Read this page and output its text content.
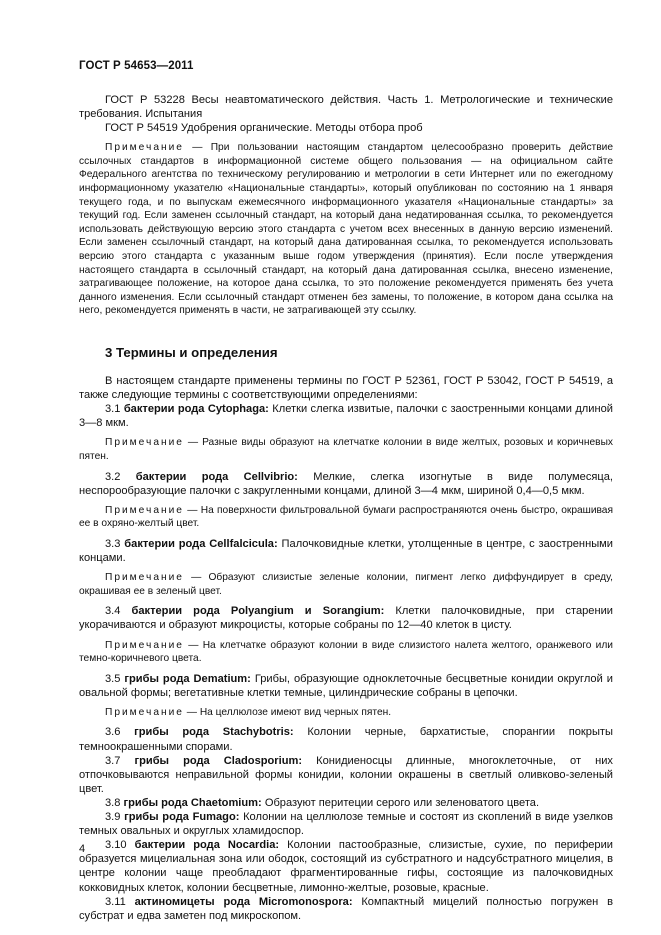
ГОСТ Р 54653—2011

ГОСТ Р 53228 Весы неавтоматического действия. Часть 1. Метрологические и технические требования. Испытания

ГОСТ Р 54519 Удобрения органические. Методы отбора проб

Примечание — При пользовании настоящим стандартом целесообразно проверить действие ссылочных стандартов в информационной системе общего пользования — на официальном сайте Федерального агентства по техническому регулированию и метрологии в сети Интернет или по ежегодному информационному указателю «Национальные стандарты», который опубликован по состоянию на 1 января текущего года, и по выпускам ежемесячного информационного указателя «Национальные стандарты» за текущий год. Если заменен ссылочный стандарт, на который дана недатированная ссылка, то рекомендуется использовать действующую версию этого стандарта с учетом всех внесенных в данную версию изменений. Если заменен ссылочный стандарт, на который дана датированная ссылка, то рекомендуется использовать версию этого стандарта с указанным выше годом утверждения (принятия). Если после утверждения настоящего стандарта в ссылочный стандарт, на который дана датированная ссылка, внесено изменение, затрагивающее положение, на которое дана ссылка, то это положение рекомендуется применять без учета данного изменения. Если ссылочный стандарт отменен без замены, то положение, в котором дана ссылка на него, рекомендуется применять в части, не затрагивающей эту ссылку.

3 Термины и определения

В настоящем стандарте применены термины по ГОСТ Р 52361, ГОСТ Р 53042, ГОСТ Р 54519, а также следующие термины с соответствующими определениями:

3.1 бактерии рода Cytophaga: Клетки слегка извитые, палочки с заостренными концами длиной 3—8 мкм.

Примечание — Разные виды образуют на клетчатке колонии в виде желтых, розовых и коричневых пятен.

3.2 бактерии рода Cellvibrio: Мелкие, слегка изогнутые в виде полумесяца, неспорообразующие палочки с закругленными концами, длиной 3—4 мкм, шириной 0,4—0,5 мкм.

Примечание — На поверхности фильтровальной бумаги распространяются очень быстро, окрашивая ее в охряно-желтый цвет.

3.3 бактерии рода Cellfalcicula: Палочковидные клетки, утолщенные в центре, с заостренными концами.

Примечание — Образуют слизистые зеленые колонии, пигмент легко диффундирует в среду, окрашивая ее в зеленый цвет.

3.4 бактерии рода Polyangium и Sorangium: Клетки палочковидные, при старении укорачиваются и образуют микроцисты, которые собраны по 12—40 клеток в цисту.

Примечание — На клетчатке образуют колонии в виде слизистого налета желтого, оранжевого или темно-коричневого цвета.

3.5 грибы рода Dematium: Грибы, образующие одноклеточные бесцветные конидии округлой и овальной формы; вегетативные клетки темные, цилиндрические собраны в цепочки.

Примечание — На целлюлозе имеют вид черных пятен.

3.6 грибы рода Stachybotris: Колонии черные, бархатистые, спорангии покрыты темноокрашенными спорами.

3.7 грибы рода Cladosporium: Конидиеносцы длинные, многоклеточные, от них отпочковываются неправильной формы конидии, колонии окрашены в светлый оливково-зеленый цвет.

3.8 грибы рода Chaetomium: Образуют перитеции серого или зеленоватого цвета.

3.9 грибы рода Fumago: Колонии на целлюлозе темные и состоят из скоплений в виде узелков темных овальных и округлых хламидоспор.

3.10 бактерии рода Nocardia: Колонии пастообразные, слизистые, сухие, по периферии образуется мицелиальная зона или ободок, состоящий из субстратного и надсубстратного мицелия, в центре колонии чаще преобладают фрагментированные гифы, состоящие из палочковидных кокковидных клеток, колонии бесцветные, лимонно-желтые, розовые, красные.

3.11 актиномицеты рода Micromonospora: Компактный мицелий полностью погружен в субстрат и едва заметен под микроскопом.

4
